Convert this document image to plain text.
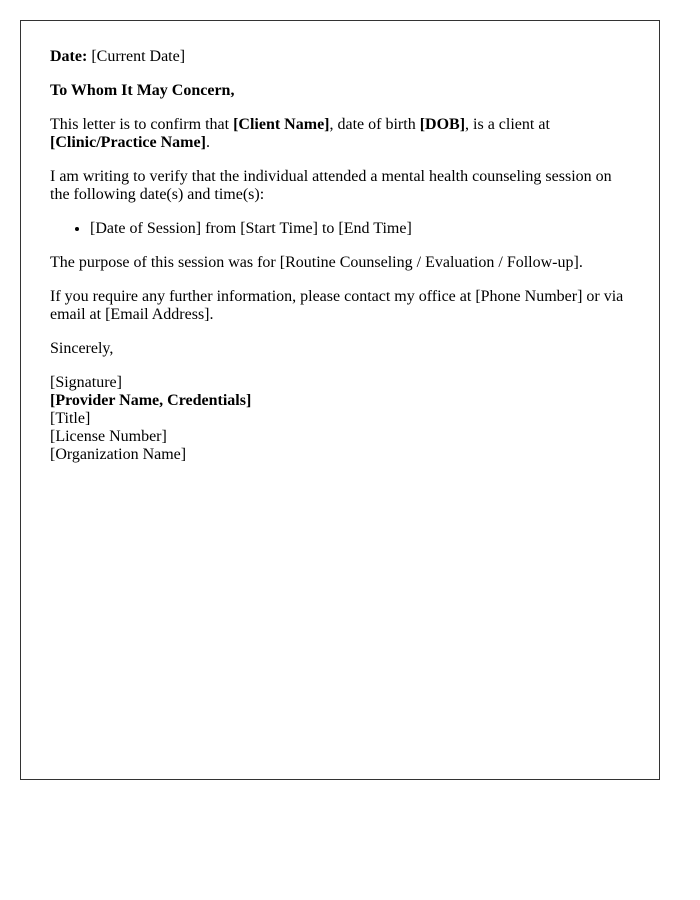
Date: [Current Date]

To Whom It May Concern,

This letter is to confirm that [Client Name], date of birth [DOB], is a client at [Clinic/Practice Name].

I am writing to verify that the individual attended a mental health counseling session on the following date(s) and time(s):

• [Date of Session] from [Start Time] to [End Time]

The purpose of this session was for [Routine Counseling / Evaluation / Follow-up].

If you require any further information, please contact my office at [Phone Number] or via email at [Email Address].

Sincerely,

[Signature]
[Provider Name, Credentials]
[Title]
[License Number]
[Organization Name]
